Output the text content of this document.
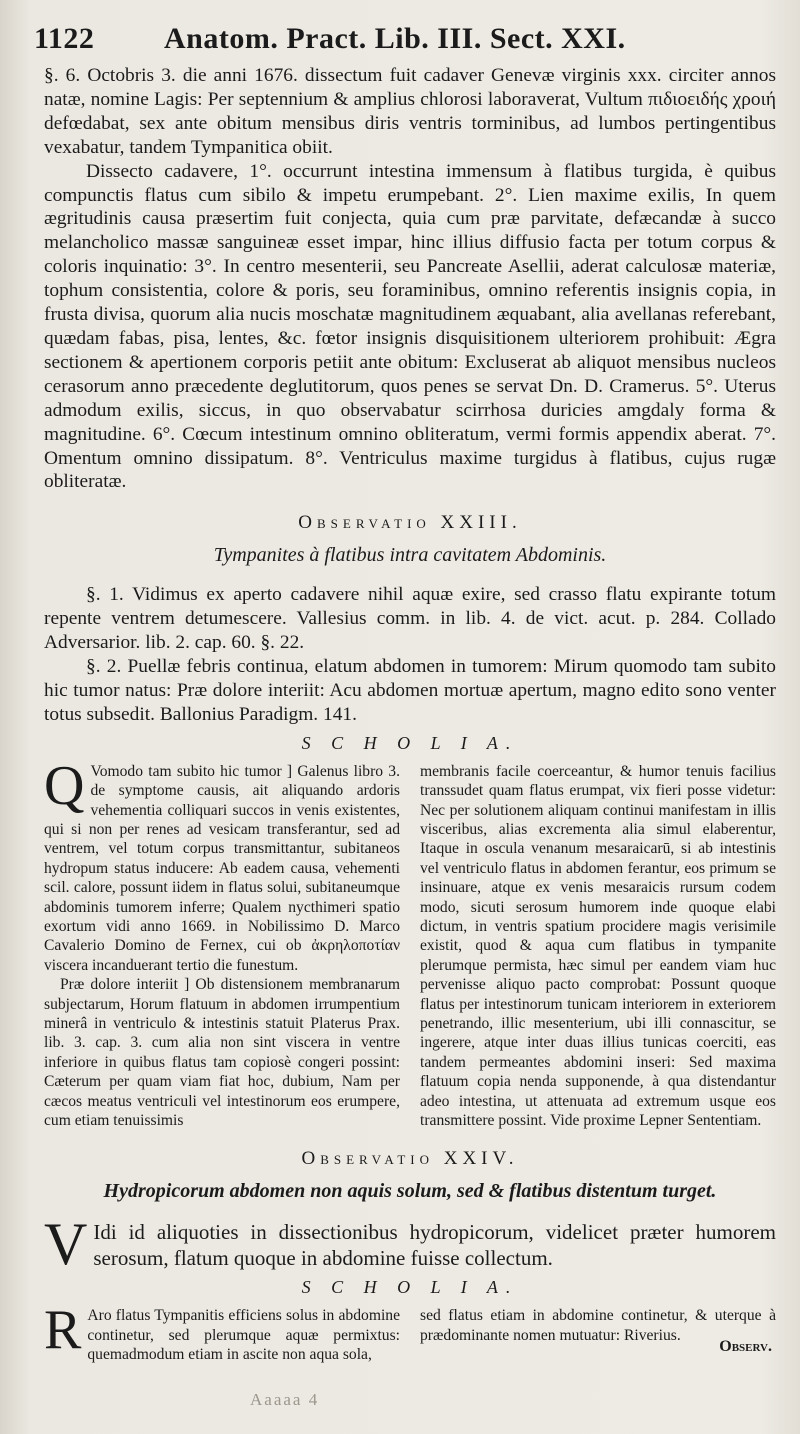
1122	Anatom. Pract. Lib. III. Sect. XXI.

§. 6. Octobris 3. die anni 1676. dissectum fuit cadaver Genevæ virginis xxx. circiter annos natæ, nomine Lagis: Per septennium & amplius chlorosi laboraverat, Vultum πιδιοειδής χροιή defœdabat, sex ante obitum mensibus diris ventris torminibus, ad lumbos pertingentibus vexabatur, tandem Tympanitica obiit.

Dissecto cadavere, 1°. occurrunt intestina immensum à flatibus turgida, è quibus compunctis flatus cum sibilo & impetu erumpebant. 2°. Lien maxime exilis, In quem ægritudinis causa præsertim fuit conjecta, quia cum præ parvitate, defæcandæ à succo melancholico massæ sanguineæ esset impar, hinc illius diffusio facta per totum corpus & coloris inquinatio: 3°. In centro mesenterii, seu Pancreate Asellii, aderat calculosæ materiæ, tophum consistentia, colore & poris, seu foraminibus, omnino referentis insignis copia, in frusta divisa, quorum alia nucis moschatæ magnitudinem æquabant, alia avellanas referebant, quædam fabas, pisa, lentes, &c. fœtor insignis disquisitionem ulteriorem prohibuit: Ægra sectionem & apertionem corporis petiit ante obitum: Excluserat ab aliquot mensibus nucleos cerasorum anno præcedente deglutitorum, quos penes se servat Dn. D. Cramerus. 5°. Uterus admodum exilis, siccus, in quo observabatur scirrhosa duricies amgdaly forma & magnitudine. 6°. Cœcum intestinum omnino obliteratum, vermi formis appendix aberat. 7°. Omentum omnino dissipatum. 8°. Ventriculus maxime turgidus à flatibus, cujus rugæ obliteratæ.

Observatio XXIII.
Tympanites à flatibus intra cavitatem Abdominis.

§. 1. Vidimus ex aperto cadavere nihil aquæ exire, sed crasso flatu expirante totum repente ventrem detumescere. Vallesius comm. in lib. 4. de vict. acut. p. 284. Collado Adversarior. lib. 2. cap. 60. §. 22.

§. 2. Puellæ febris continua, elatum abdomen in tumorem: Mirum quomodo tam subito hic tumor natus: Præ dolore interiit: Acu abdomen mortuæ apertum, magno edito sono venter totus subsedit. Ballonius Paradigm. 141.

S C H O L I A.
Q Vomodo tam subito hic tumor ] Galenus libro 3. de symptome causis, ait aliquando ardoris vehementia colliquari succos in venis existentes, qui si non per renes ad vesicam transferantur, sed ad ventrem, vel totum corpus transmittantur, subitaneos hydropum status inducere: Ab eadem causa, vehementi scil. calore, possunt iidem in flatus solui, subitaneumque abdominis tumorem inferre; Qualem nycthimeri spatio exortum vidi anno 1669. in Nobilissimo D. Marco Cavalerio Domino de Fernex, cui ob ἀκρηλοποτίαν viscera incanduerant tertio die funestum.

Præ dolore interiit ] Ob distensionem membranarum subjectarum, Horum flatuum in abdomen irrumpentium minerâ in ventriculo & intestinis statuit Platerus Prax. lib. 3. cap. 3. cum alia non sint viscera in ventre inferiore in quibus flatus tam copiosè congeri possint: Cæterum per quam viam fiat hoc, dubium, Nam per cæcos meatus ventriculi vel intestinorum eos erumpere, cum etiam tenuissimis

membranis facile coerceantur, & humor tenuis facilius transsudet quam flatus erumpat, vix fieri posse videtur: Nec per solutionem aliquam continui manifestam in illis visceribus, alias excrementa alia simul elaberentur, Itaque in oscula venanum mesaraicarū, si ab intestinis vel ventriculo flatus in abdomen ferantur, eos primum se insinuare, atque ex venis mesaraicis rursum codem modo, sicuti serosum humorem inde quoque elabi dictum, in ventris spatium procidere magis verisimile existit, quod & aqua cum flatibus in tympanite plerumque permista, hæc simul per eandem viam huc pervenisse aliquo pacto comprobat: Possunt quoque flatus per intestinorum tunicam interiorem in exteriorem penetrando, illic mesenterium, ubi illi connascitur, se ingerere, atque inter duas illius tunicas coerciti, eas tandem permeantes abdomini inseri: Sed maxima flatuum copia nenda supponende, à qua distendantur adeo intestina, ut attenuata ad extremum usque eos transmittere possint. Vide proxime Lepner Sententiam.

Observatio XXIV.
Hydropicorum abdomen non aquis solum, sed & flatibus distentum turget.
V Idi id aliquoties in dissectionibus hydropicorum, videlicet præter humorem serosum, flatum quoque in abdomine fuisse collectum.

S C H O L I A.
R Aro flatus Tympanitis efficiens solus in abdomine continetur, sed plerumque aquæ permixtus: quemadmodum etiam in ascite non aqua sola,

sed flatus etiam in abdomine continetur, & uterque à prædominante nomen mutuatur: Riverius.

Observ.
Aaaaa 4
